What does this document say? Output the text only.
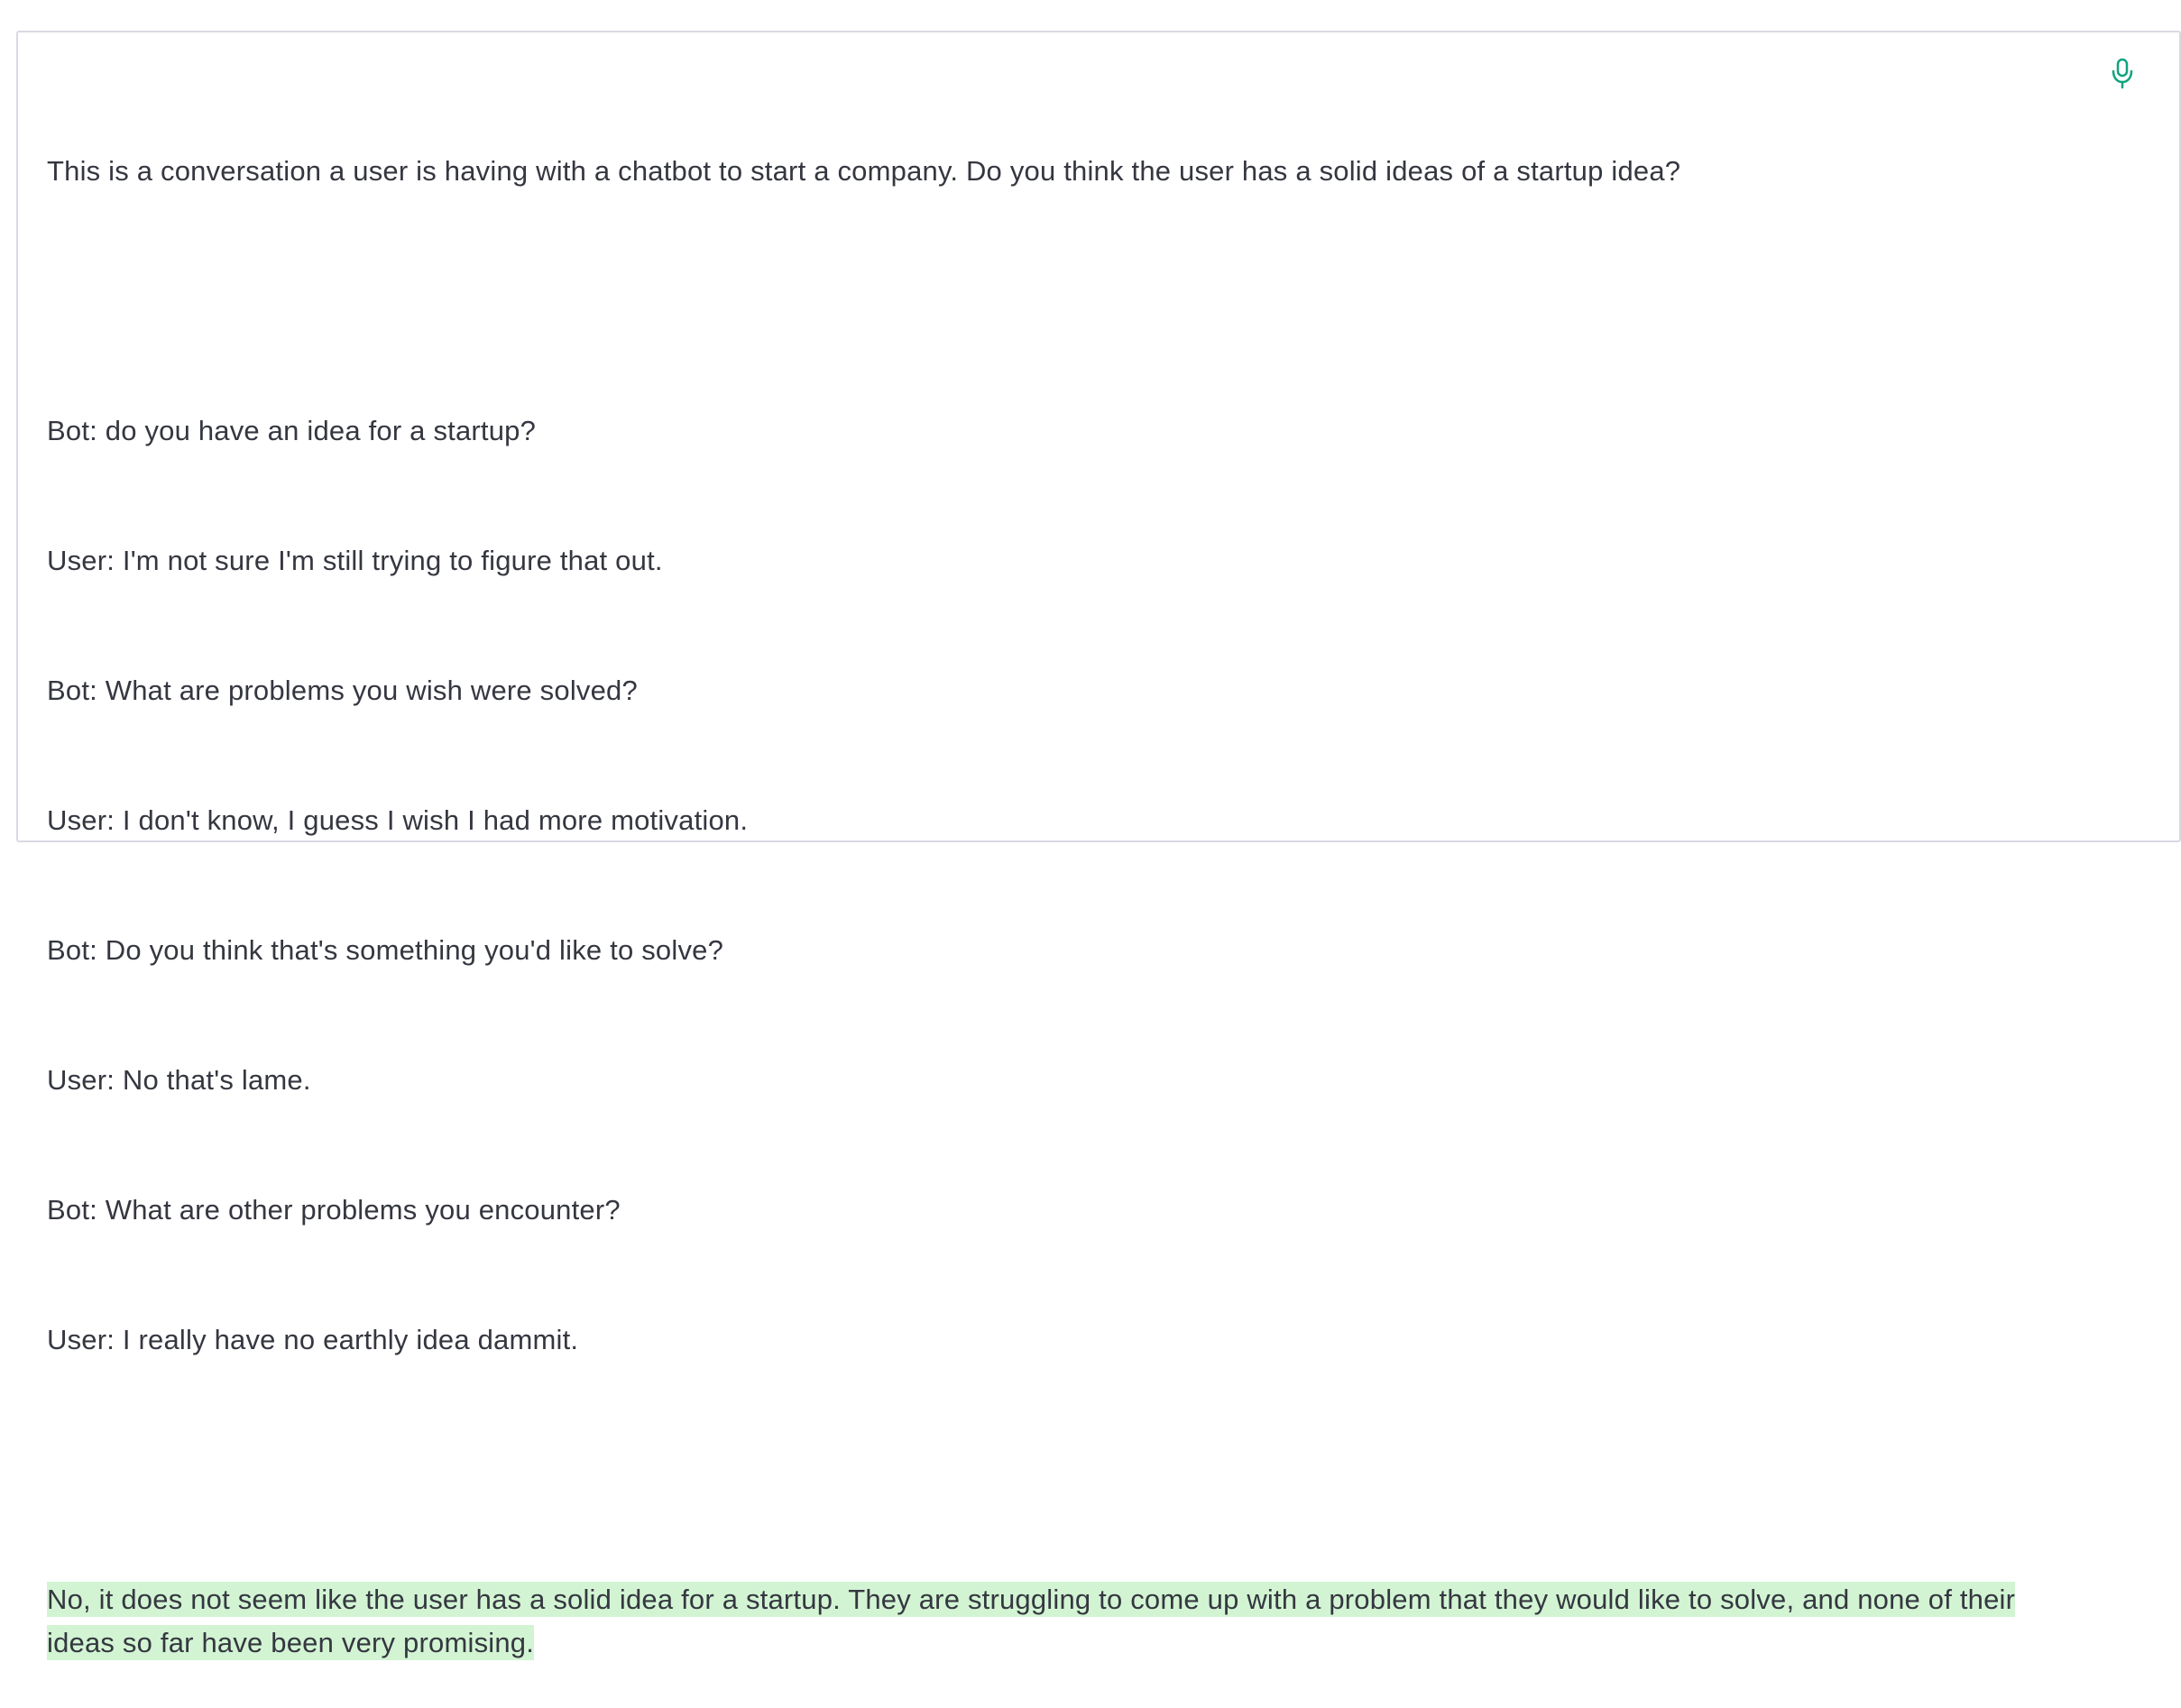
This is a conversation a user is having with a chatbot to start a company. Do you think the user has a solid ideas of a startup idea?

Bot: do you have an idea for a startup?

User: I'm not sure I'm still trying to figure that out.

Bot: What are problems you wish were solved?

User: I don't know, I guess I wish I had more motivation.

Bot: Do you think that's something you'd like to solve?

User: No that's lame.

Bot: What are other problems you encounter?

User: I really have no earthly idea dammit.

No, it does not seem like the user has a solid idea for a startup. They are struggling to come up with a problem that they would like to solve, and none of their ideas so far have been very promising.
